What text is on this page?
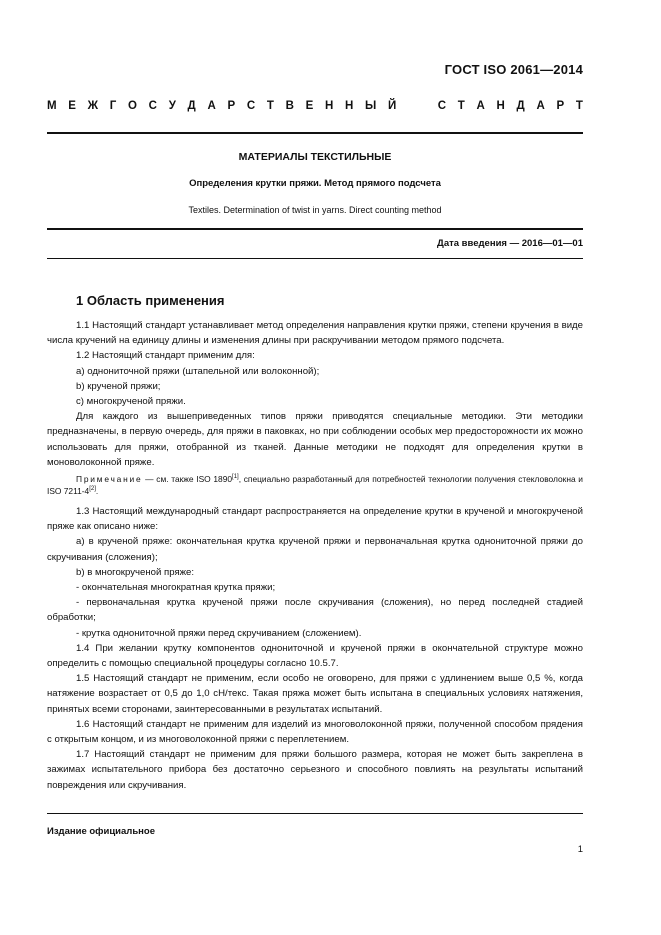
ГОСТ ISO 2061—2014
М Е Ж Г О С У Д А Р С Т В Е Н Н Ы Й

	С Т А Н Д А Р Т
МАТЕРИАЛЫ ТЕКСТИЛЬНЫЕ
Определения крутки пряжи. Метод прямого подсчета
Textiles. Determination of twist in yarns. Direct counting method
Дата введения — 2016—01—01
1 Область применения

1.1 Настоящий стандарт устанавливает метод определения направления крутки пряжи, степени кручения в виде числа кручений на единицу длины и изменения длины при раскручивании методом прямого подсчета.

1.2 Настоящий стандарт применим для:

a) однониточной пряжи (штапельной или волоконной);

b) крученой пряжи;

c) многокрученой пряжи.

Для каждого из вышеприведенных типов пряжи приводятся специальные методики. Эти методики предназначены, в первую очередь, для пряжи в паковках, но при соблюдении особых мер предосторожности их можно использовать для пряжи, отобранной из тканей. Данные методики не подходят для определения крутки в моноволоконной пряже.

Примечание — см. также ISO 1890[1], специально разработанный для потребностей технологии получения стекловолокна и ISO 7211-4[2].

1.3 Настоящий международный стандарт распространяется на определение крутки в крученой и многокрученой пряже как описано ниже:

a) в крученой пряже: окончательная крутка крученой пряжи и первоначальная крутка однониточной пряжи до скручивания (сложения);

b) в многокрученой пряже:

- окончательная многократная крутка пряжи;

- первоначальная крутка крученой пряжи после скручивания (сложения), но перед последней стадией обработки;

- крутка однониточной пряжи перед скручиванием (сложением).

1.4 При желании крутку компонентов однониточной и крученой пряжи в окончательной структуре можно определить с помощью специальной процедуры согласно 10.5.7.

1.5 Настоящий стандарт не применим, если особо не оговорено, для пряжи с удлинением выше 0,5 %, когда натяжение возрастает от 0,5 до 1,0 сН/текс. Такая пряжа может быть испытана в специальных условиях натяжения, принятых всеми сторонами, заинтересованными в результатах испытаний.

1.6 Настоящий стандарт не применим для изделий из многоволоконной пряжи, полученной способом прядения с открытым концом, и из многоволоконной пряжи с переплетением.

1.7 Настоящий стандарт не применим для пряжи большого размера, которая не может быть закреплена в зажимах испытательного прибора без достаточно серьезного и способного повлиять на результаты испытаний повреждения или скручивания.

Издание официальное
1
